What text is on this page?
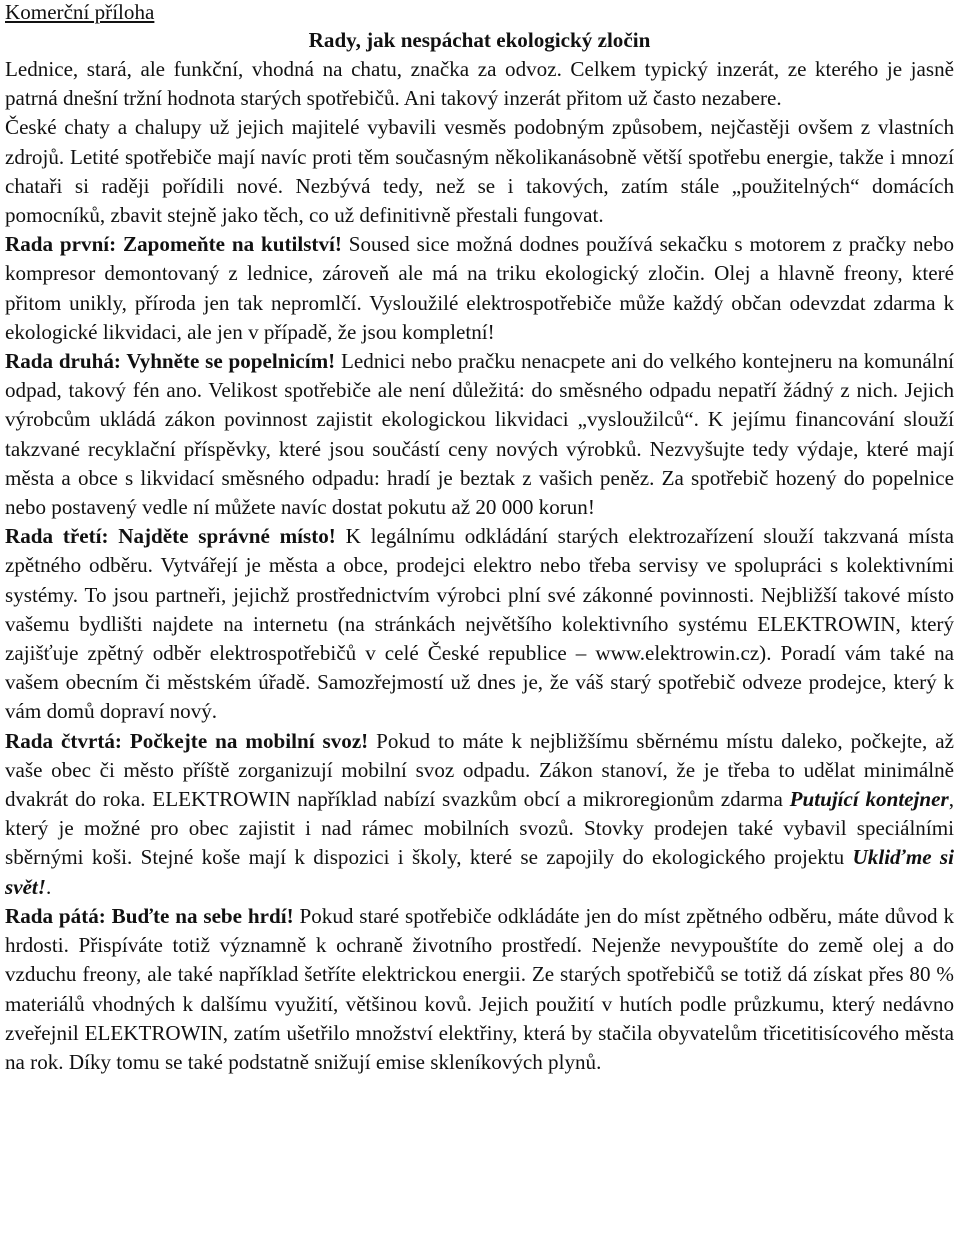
Komerční příloha
Rady, jak nespáchat ekologický zločin

Lednice, stará, ale funkční, vhodná na chatu, značka za odvoz. Celkem typický inzerát, ze kterého je jasně patrná dnešní tržní hodnota starých spotřebičů. Ani takový inzerát přitom už často nezabere.

České chaty a chalupy už jejich majitelé vybavili vesměs podobným způsobem, nejčastěji ovšem z vlastních zdrojů. Letité spotřebiče mají navíc proti těm současným několikanásobně větší spotřebu energie, takže i mnozí chataři si raději pořídili nové. Nezbývá tedy, než se i takových, zatím stále „použitelných“ domácích pomocníků, zbavit stejně jako těch, co už definitivně přestali fungovat.

Rada první: Zapomeňte na kutilství! Soused sice možná dodnes používá sekačku s motorem z pračky nebo kompresor demontovaný z lednice, zároveň ale má na triku ekologický zločin. Olej a hlavně freony, které přitom unikly, příroda jen tak nepromlčí. Vysloužilé elektrospotřebiče může každý občan odevzdat zdarma k ekologické likvidaci, ale jen v případě, že jsou kompletní!

Rada druhá: Vyhněte se popelnicím! Lednici nebo pračku nenacpete ani do velkého kontejneru na komunální odpad, takový fén ano. Velikost spotřebiče ale není důležitá: do směsného odpadu nepatří žádný z nich. Jejich výrobcům ukládá zákon povinnost zajistit ekologickou likvidaci „vysloužilců“. K jejímu financování slouží takzvané recyklační příspěvky, které jsou součástí ceny nových výrobků. Nezvyšujte tedy výdaje, které mají města a obce s likvidací směsného odpadu: hradí je beztak z vašich peněz. Za spotřebič hozený do popelnice nebo postavený vedle ní můžete navíc dostat pokutu až 20 000 korun!

Rada třetí: Najděte správné místo! K legálnímu odkládání starých elektrozařízení slouží takzvaná místa zpětného odběru. Vytvářejí je města a obce, prodejci elektro nebo třeba servisy ve spolupráci s kolektivními systémy. To jsou partneři, jejichž prostřednictvím výrobci plní své zákonné povinnosti. Nejbližší takové místo vašemu bydlišti najdete na internetu (na stránkách největšího kolektivního systému ELEKTROWIN, který zajišťuje zpětný odběr elektrospotřebičů v celé České republice – www.elektrowin.cz). Poradí vám také na vašem obecním či městském úřadě. Samozřejmostí už dnes je, že váš starý spotřebič odveze prodejce, který k vám domů dopraví nový.

Rada čtvrtá: Počkejte na mobilní svoz! Pokud to máte k nejbližšímu sběrnému místu daleko, počkejte, až vaše obec či město příště zorganizují mobilní svoz odpadu. Zákon stanoví, že je třeba to udělat minimálně dvakrát do roka. ELEKTROWIN například nabízí svazkům obcí a mikroregionům zdarma Putující kontejner, který je možné pro obec zajistit i nad rámec mobilních svozů. Stovky prodejen také vybavil speciálními sběrnými koši. Stejné koše mají k dispozici i školy, které se zapojily do ekologického projektu Ukliďme si svět!.

Rada pátá: Buďte na sebe hrdí! Pokud staré spotřebiče odkládáte jen do míst zpětného odběru, máte důvod k hrdosti. Přispíváte totiž významně k ochraně životního prostředí. Nejenže nevypouštíte do země olej a do vzduchu freony, ale také například šetříte elektrickou energii. Ze starých spotřebičů se totiž dá získat přes 80 % materiálů vhodných k dalšímu využití, většinou kovů. Jejich použití v hutích podle průzkumu, který nedávno zveřejnil ELEKTROWIN, zatím ušetřilo množství elektřiny, která by stačila obyvatelům třicetitisícového města na rok. Díky tomu se také podstatně snižují emise skleníkových plynů.
